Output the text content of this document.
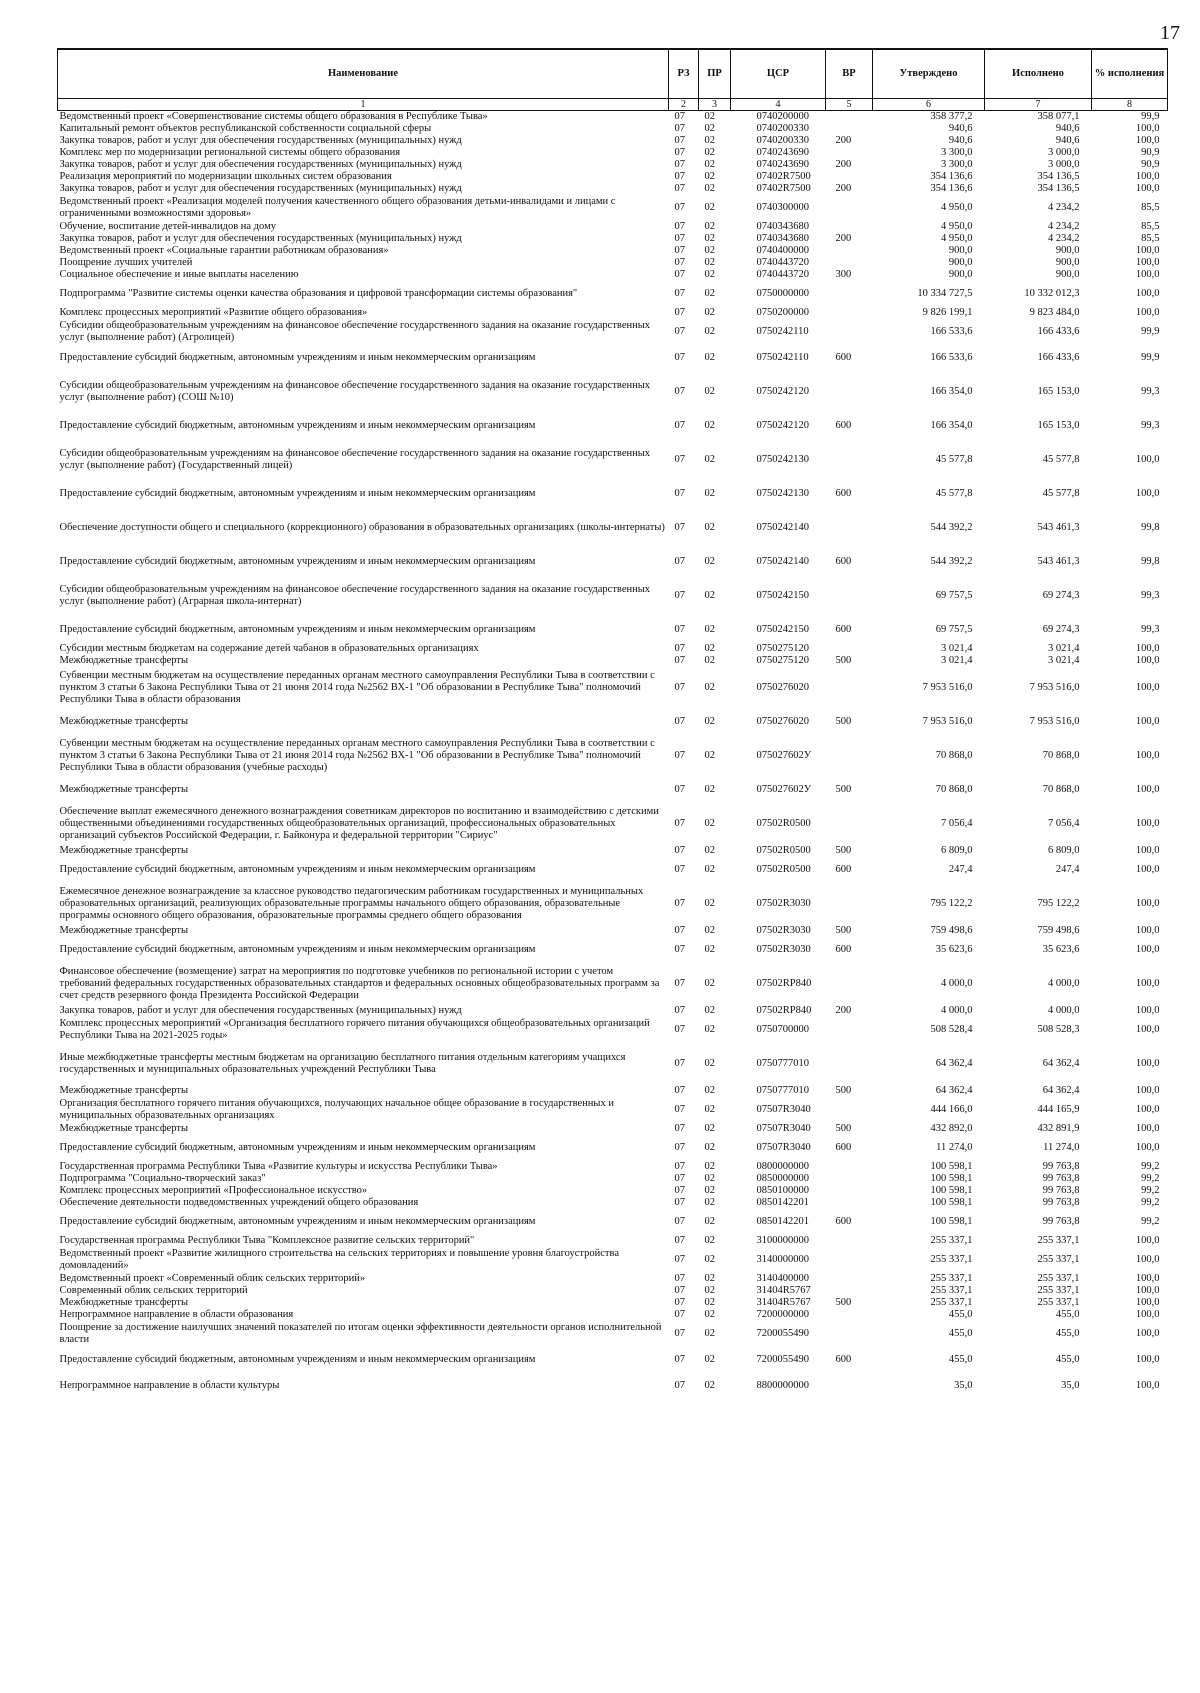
17
Наименование	РЗ	ПР	ЦСР	ВР	Утверждено	Исполнено	% исполнения
1	2	3	4	5	6	7	8
Ведомственный проект «Совершенствование системы общего образования в Республике Тыва»	07	02	0740200000		358 377,2	358 077,1	99,9
Капитальный ремонт объектов республиканской собственности социальной сферы	07	02	0740200330		940,6	940,6	100,0
Закупка товаров, работ и услуг для обеспечения государственных (муниципальных) нужд	07	02	0740200330	200	940,6	940,6	100,0
Комплекс мер по модернизации региональной системы общего образования	07	02	0740243690		3 300,0	3 000,0	90,9
Закупка товаров, работ и услуг для обеспечения государственных (муниципальных) нужд	07	02	0740243690	200	3 300,0	3 000,0	90,9
Реализация мероприятий по модернизации школьных систем образования	07	02	07402R7500		354 136,6	354 136,5	100,0
Закупка товаров, работ и услуг для обеспечения государственных (муниципальных) нужд	07	02	07402R7500	200	354 136,6	354 136,5	100,0
Ведомственный проект «Реализация моделей получения качественного общего образования детьми-инвалидами и лицами с ограниченными возможностями здоровья»	07	02	0740300000		4 950,0	4 234,2	85,5
Обучение, воспитание детей-инвалидов на дому	07	02	0740343680		4 950,0	4 234,2	85,5
Закупка товаров, работ и услуг для обеспечения государственных (муниципальных) нужд	07	02	0740343680	200	4 950,0	4 234,2	85,5
Ведомственный проект «Социальные гарантии работникам образования»	07	02	0740400000		900,0	900,0	100,0
Поощрение лучших учителей	07	02	0740443720		900,0	900,0	100,0
Социальное обеспечение и иные выплаты населению	07	02	0740443720	300	900,0	900,0	100,0
Подпрограмма "Развитие системы оценки качества образования и цифровой трансформации системы образования"	07	02	0750000000		10 334 727,5	10 332 012,3	100,0
Комплекс процессных мероприятий «Развитие общего образования»	07	02	0750200000		9 826 199,1	9 823 484,0	100,0
Субсидии общеобразовательным учреждениям на финансовое обеспечение государственного задания на оказание государственных услуг (выполнение работ) (Агролицей)	07	02	0750242110		166 533,6	166 433,6	99,9
Предоставление субсидий бюджетным, автономным учреждениям и иным некоммерческим организациям	07	02	0750242110	600	166 533,6	166 433,6	99,9
Субсидии общеобразовательным учреждениям на финансовое обеспечение государственного задания на оказание государственных услуг (выполнение работ) (СОШ №10)	07	02	0750242120		166 354,0	165 153,0	99,3
Предоставление субсидий бюджетным, автономным учреждениям и иным некоммерческим организациям	07	02	0750242120	600	166 354,0	165 153,0	99,3
Субсидии общеобразовательным учреждениям на финансовое обеспечение государственного задания на оказание государственных услуг (выполнение работ) (Государственный лицей)	07	02	0750242130		45 577,8	45 577,8	100,0
Предоставление субсидий бюджетным, автономным учреждениям и иным некоммерческим организациям	07	02	0750242130	600	45 577,8	45 577,8	100,0
Обеспечение доступности общего и специального (коррекционного) образования в образовательных организациях (школы-интернаты)	07	02	0750242140		544 392,2	543 461,3	99,8
Предоставление субсидий бюджетным, автономным учреждениям и иным некоммерческим организациям	07	02	0750242140	600	544 392,2	543 461,3	99,8
Субсидии общеобразовательным учреждениям на финансовое обеспечение государственного задания на оказание государственных услуг (выполнение работ) (Аграрная школа-интернат)	07	02	0750242150		69 757,5	69 274,3	99,3
Предоставление субсидий бюджетным, автономным учреждениям и иным некоммерческим организациям	07	02	0750242150	600	69 757,5	69 274,3	99,3
Субсидии местным бюджетам на содержание детей чабанов в образовательных организациях	07	02	0750275120		3 021,4	3 021,4	100,0
Межбюджетные трансферты	07	02	0750275120	500	3 021,4	3 021,4	100,0
Субвенции местным бюджетам на осуществление переданных органам местного самоуправления Республики Тыва в соответствии с пунктом 3 статьи 6 Закона Республики Тыва от 21 июня 2014 года №2562 ВХ-1 "Об образовании в Республике Тыва" полномочий Республики Тыва в области образования	07	02	0750276020		7 953 516,0	7 953 516,0	100,0
Межбюджетные трансферты	07	02	0750276020	500	7 953 516,0	7 953 516,0	100,0
Субвенции местным бюджетам на осуществление переданных органам местного самоуправления Республики Тыва в соответствии с пунктом 3 статьи 6 Закона Республики Тыва от 21 июня 2014 года №2562 ВХ-1 "Об образовании в Республике Тыва" полномочий Республики Тыва в области образования (учебные расходы)	07	02	075027602У		70 868,0	70 868,0	100,0
Межбюджетные трансферты	07	02	075027602У	500	70 868,0	70 868,0	100,0
Обеспечение выплат ежемесячного денежного вознаграждения советникам директоров по воспитанию и взаимодействию с детскими общественными объединениями государственных общеобразовательных организаций, профессиональных образовательных организаций субъектов Российской Федерации, г. Байконура и федеральной территории "Сириус"	07	02	07502R0500		7 056,4	7 056,4	100,0
Межбюджетные трансферты	07	02	07502R0500	500	6 809,0	6 809,0	100,0
Предоставление субсидий бюджетным, автономным учреждениям и иным некоммерческим организациям	07	02	07502R0500	600	247,4	247,4	100,0
Ежемесячное денежное вознаграждение за классное руководство педагогическим работникам государственных и муниципальных образовательных организаций, реализующих образовательные программы начального общего образования, образовательные программы основного общего образования, образовательные программы среднего общего образования	07	02	07502R3030		795 122,2	795 122,2	100,0
Межбюджетные трансферты	07	02	07502R3030	500	759 498,6	759 498,6	100,0
Предоставление субсидий бюджетным, автономным учреждениям и иным некоммерческим организациям	07	02	07502R3030	600	35 623,6	35 623,6	100,0
Финансовое обеспечение (возмещение) затрат на мероприятия по подготовке учебников по региональной истории с учетом требований федеральных государственных образовательных стандартов и федеральных основных общеобразовательных программ за счет средств резервного фонда Президента Российской Федерации	07	02	07502RP840		4 000,0	4 000,0	100,0
Закупка товаров, работ и услуг для обеспечения государственных (муниципальных) нужд	07	02	07502RP840	200	4 000,0	4 000,0	100,0
Комплекс процессных мероприятий «Организация бесплатного горячего питания обучающихся общеобразовательных организаций Республики Тыва на 2021-2025 годы»	07	02	0750700000		508 528,4	508 528,3	100,0
Иные межбюджетные трансферты местным бюджетам на организацию бесплатного питания отдельным категориям учащихся государственных и муниципальных образовательных учреждений Республики Тыва	07	02	0750777010		64 362,4	64 362,4	100,0
Межбюджетные трансферты	07	02	0750777010	500	64 362,4	64 362,4	100,0
Организация бесплатного горячего питания обучающихся, получающих начальное общее образование в государственных и муниципальных образовательных организациях	07	02	07507R3040		444 166,0	444 165,9	100,0
Межбюджетные трансферты	07	02	07507R3040	500	432 892,0	432 891,9	100,0
Предоставление субсидий бюджетным, автономным учреждениям и иным некоммерческим организациям	07	02	07507R3040	600	11 274,0	11 274,0	100,0
Государственная программа Республики Тыва «Развитие культуры и искусства Республики Тыва»	07	02	0800000000		100 598,1	99 763,8	99,2
Подпрограмма "Социально-творческий заказ"	07	02	0850000000		100 598,1	99 763,8	99,2
Комплекс процессных мероприятий «Профессиональное искусство»	07	02	0850100000		100 598,1	99 763,8	99,2
Обеспечение деятельности подведомственных учреждений общего образования	07	02	0850142201		100 598,1	99 763,8	99,2
Предоставление субсидий бюджетным, автономным учреждениям и иным некоммерческим организациям	07	02	0850142201	600	100 598,1	99 763,8	99,2
Государственная программа Республики Тыва "Комплексное развитие сельских территорий"	07	02	3100000000		255 337,1	255 337,1	100,0
Ведомственный проект «Развитие жилищного строительства на сельских территориях и повышение уровня благоустройства домовладений»	07	02	3140000000		255 337,1	255 337,1	100,0
Ведомственный проект «Современный облик сельских территорий»	07	02	3140400000		255 337,1	255 337,1	100,0
Современный облик сельских территорий	07	02	31404R5767		255 337,1	255 337,1	100,0
Межбюджетные трансферты	07	02	31404R5767	500	255 337,1	255 337,1	100,0
Непрограммное направление в области образования	07	02	7200000000		455,0	455,0	100,0
Поощрение за достижение наилучших значений показателей по итогам оценки эффективности деятельности органов исполнительной власти	07	02	7200055490		455,0	455,0	100,0
Предоставление субсидий бюджетным, автономным учреждениям и иным некоммерческим организациям	07	02	7200055490	600	455,0	455,0	100,0
Непрограммное направление в области культуры	07	02	8800000000		35,0	35,0	100,0
